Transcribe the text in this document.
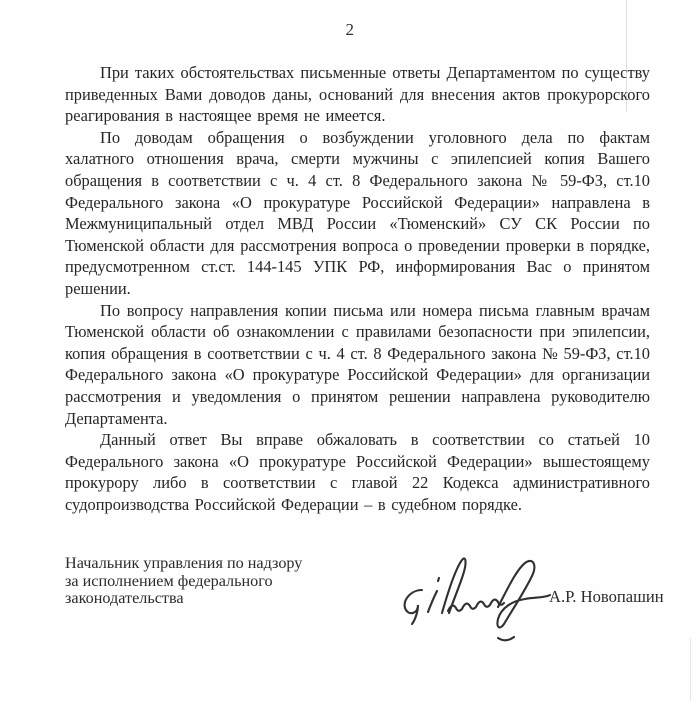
2

При таких обстоятельствах письменные ответы Департаментом по существу приведенных Вами доводов даны, оснований для внесения актов прокурорского реагирования в настоящее время не имеется.

По доводам обращения о возбуждении уголовного дела по фактам халатного отношения врача, смерти мужчины с эпилепсией копия Вашего обращения в соответствии с ч. 4 ст. 8 Федерального закона № 59-ФЗ, ст.10 Федерального закона «О прокуратуре Российской Федерации» направлена в Межмуниципальный отдел МВД России «Тюменский» СУ СК России по Тюменской области для рассмотрения вопроса о проведении проверки в порядке, предусмотренном ст.ст. 144-145 УПК РФ, информирования Вас о принятом решении.

По вопросу направления копии письма или номера письма главным врачам Тюменской области об ознакомлении с правилами безопасности при эпилепсии, копия обращения в соответствии с ч. 4 ст. 8 Федерального закона № 59-ФЗ, ст.10 Федерального закона «О прокуратуре Российской Федерации» для организации рассмотрения и уведомления о принятом решении направлена руководителю Департамента.

Данный ответ Вы вправе обжаловать в соответствии со статьей 10 Федерального закона «О прокуратуре Российской Федерации» вышестоящему прокурору либо в соответствии с главой 22 Кодекса административного судопроизводства Российской Федерации – в судебном порядке.

Начальник управления по надзору
за исполнением федерального
законодательства	А.Р. Новопашин
